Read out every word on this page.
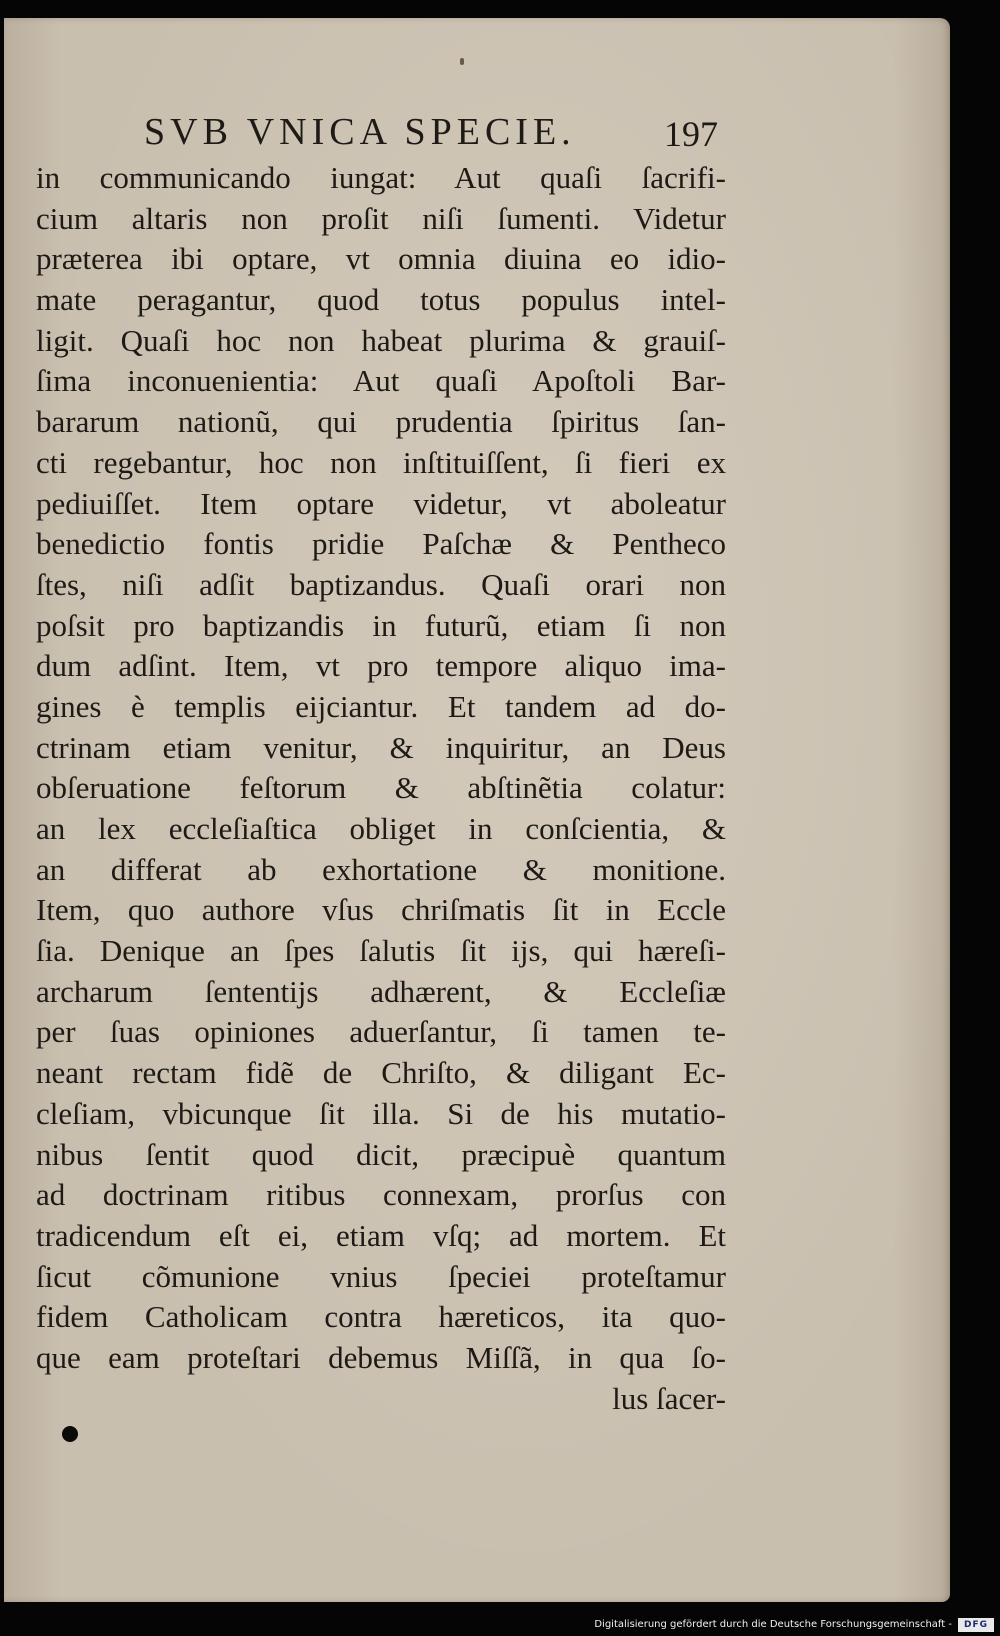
SVB VNICA SPECIE. 197
in communicando iungat: Aut quaſi ſacrifi-
cium altaris non proſit niſi ſumenti. Videtur
præterea ibi optare, vt omnia diuina eo idio-
mate peragantur, quod totus populus intel-
ligit. Quaſi hoc non habeat plurima & grauiſ-
ſima inconuenientia: Aut quaſi Apoſtoli Bar-
bararum nationũ, qui prudentia ſpiritus ſan-
cti regebantur, hoc non inſtituiſſent, ſi fieri ex
pediuiſſet. Item optare videtur, vt aboleatur
benedictio fontis pridie Paſchæ & Pentheco
ſtes, niſi adſit baptizandus. Quaſi orari non
poſsit pro baptizandis in futurũ, etiam ſi non
dum adſint. Item, vt pro tempore aliquo ima-
gines è templis eijciantur. Et tandem ad do-
ctrinam etiam venitur, & inquiritur, an Deus
obſeruatione feſtorum & abſtinẽtia colatur:
an lex eccleſiaſtica obliget in conſcientia, &
an differat ab exhortatione & monitione.
Item, quo authore vſus chriſmatis ſit in Eccle
ſia. Denique an ſpes ſalutis ſit ijs, qui hæreſi-
archarum ſententijs adhærent, & Eccleſiæ
per ſuas opiniones aduerſantur, ſi tamen te-
neant rectam fidẽ de Chriſto, & diligant Ec-
cleſiam, vbicunque ſit illa. Si de his mutatio-
nibus ſentit quod dicit, præcipuè quantum
ad doctrinam ritibus connexam, prorſus con
tradicendum eſt ei, etiam vſq; ad mortem. Et
ſicut cõmunione vnius ſpeciei proteſtamur
fidem Catholicam contra hæreticos, ita quo-
que eam proteſtari debemus Miſſã, in qua ſo-
lus ſacer-
Digitalisierung gefördert durch die Deutsche Forschungsgemeinschaft -	DFG
